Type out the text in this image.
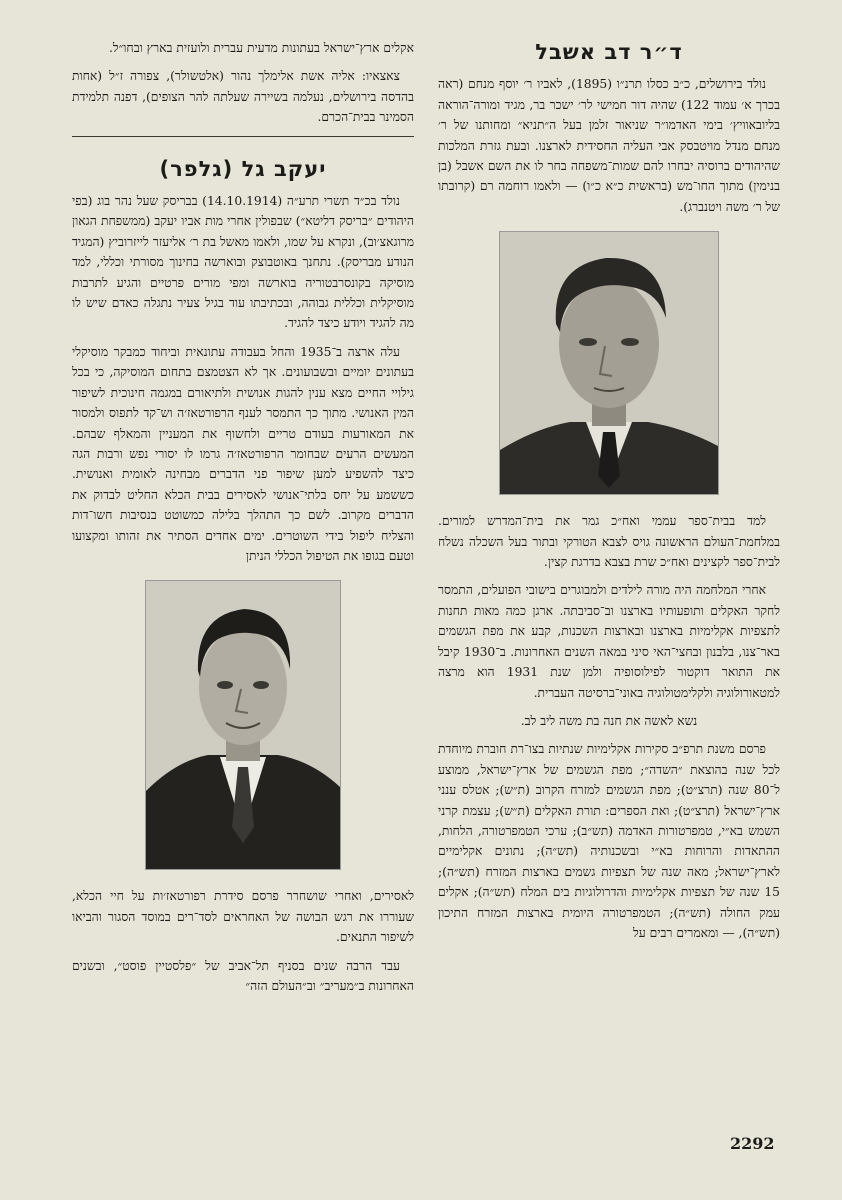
ד״ר דב אשבל

נולד בירושלים, כ״ב כסלו תרנ״ו (1895), לאביו ר׳ יוסף מנחם (ראה בכרך א׳ עמוד 122) שהיה דור חמישי לר׳ ישכר בר, מגיד ומורה־הוראה בליובאוויץ׳ בימי האדמו״ר שניאור זלמן בעל ה״תניא״ ומחותנו של ר׳ מנחם מנדל מויטבסק אבי העליה החסידית לארצנו. ובעת גזרת המלכות שהיהודים ברוסיה יבחרו להם שמות־משפחה בחר לו את השם אשבל (בן בנימין) מתוך החו־מש (בראשית כ״א כ״ו) — ולאמו רוחמה רם (קרובתו של ר׳ משה ויטנברג).

למד בבית־ספר עממי ואח״כ גמר את בית־המדרש למורים. במלחמת־העולם הראשונה גויס לצבא הטורקי ובתור בעל השכלה נשלח לבית־ספר לקצינים ואח״כ שרת בצבא בדרגת קצין.

אחרי המלחמה היה מורה לילדים ולמבוגרים בישובי הפועלים, התמסר לחקר האקלים ותופעותיו בארצנו וב־סביבתה. ארגן כמה מאות תחנות לתצפיות אקלימיות בארצנו ובארצות השכנות, קבע את מפת הגשמים באר־צנו, בלבנון ובחצי־האי סיני במאה השנים האחרונות. ב־1930 קיבל את התואר דוקטור לפילוסופיה ולמן שנת 1931 הוא מרצה למטאורולוגיה ולקלימטולוגיה באוני־ברסיטה העברית.

נשא לאשה את חנה בת משה ליב לב.

פרסם משנת תרפ״ב סקירות אקלימיות שנתיות בצו־רת חוברת מיוחדת לכל שנה בהוצאת ״השדה״; מפת הגשמים של ארץ־ישראל, ממוצע ל־80 שנה (תרצ״ט); מפת הגשמים למזרח הקרוב (ת״ש); אטלס ענני ארץ־ישראל (תרצ״ט); ואת הספרים: תורת האקלים (ת״ש); עצמת קרני השמש בא״י, טמפרטורות האדמה (תש״ב); ערכי הטמפרטורה, הלחות, ההתאדות והרוחות בא״י ובשכנותיה (תש״ה); נתונים אקלימיים לארץ־ישראל; מאה שנה של תצפיות גשמים בארצות המזרח (תש״ה); 15 שנה של תצפיות אקלימיות והדרולוגיות בים המלח (תש״ה); אקלים עמק החולה (תש״ה); הטמפרטורה היומית בארצות המזרח התיכון (תש״ה), — ומאמרים רבים על

אקלים ארץ־ישראל בעתונות מדעית עברית ולועזית בארץ ובחו״ל.

צאצאיו: אליה אשת אלימלך נהור (אלטשולר), צפורה ז״ל (אחות בהדסה בירושלים, נעלמה בשיירה שעלתה להר הצופים), דפנה תלמידת הסמינר בבית־הכרם.

יעקב גל (גלפר)

נולד בכ״ד תשרי תרע״ה (14.10.1914) בבריסק שעל נהר בוג (בפי היהודים ״בריסק דליטא״) שבפולין אחרי מות אביו יעקב (ממשפחת הגאון מרוגאצ׳וב), ונקרא על שמו, ולאמו מאשל בת ר׳ אליעזר לייזרוביץ (המגיד הנודע מבריסק). נתחנך באוטבוצק ובוארשה בחינוך מסורתי וכללי, למד מוסיקה בקונסרבטוריה בוארשה ומפי מורים פרטיים והגיע לתרבות מוסיקלית וכללית גבוהה, ובכתיבתו עוד בגיל צעיר נתגלה כאדם שיש לו מה להגיד ויודע כיצד להגיד.

עלה ארצה ב־1935 והחל בעבודה עתונאית וביחוד כמבקר מוסיקלי בעתונים יומיים ובשבועונים. אך לא הצטמצם בתחום המוסיקה, כי בכל גילויי החיים מצא ענין להגות אנושית ולתיאורם במגמה חינוכית לשיפור המין האנושי. מתוך כך התמסר לענף הרפורטאז׳ה וש־קד לתפוס ולמסור את המאורעות בעודם טריים ולחשוף את המעניין והמאלף שבהם. המעשים הרעים שבחומר הרפורטאז׳ה גרמו לו יסורי נפש ורבות הגה כיצד להשפיע למען שיפור פני הדברים מבחינה לאומית ואנושית. כששמע על יחס בלתי־אנושי לאסירים בבית הכלא החליט לבדוק את הדברים מקרוב. לשם כך התהלך בלילה כמשוטט בנסיבות חשו־דות והצליח ליפול בידי השוטרים. ימים אחדים הסתיר את זהותו ומקצועו וטעם בגופו את הטיפול הכללי הניתן

לאסירים, ואחרי שושחרר פרסם סידרת רפורטאז׳ות על חיי הכלא, שעוררו את רגש הבושה של האחראים לסד־רים במוסד הסגור והביאו לשיפור התנאים.

עבד הרבה שנים בסניף תל־אביב של ״פלסטיין פוסט״, ובשנים האחרונות ב״מעריב״ וב״העולם הזה״

2292
